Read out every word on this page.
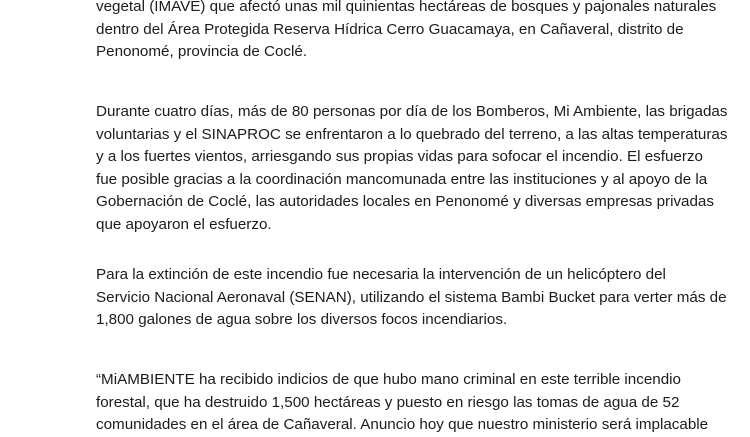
vegetal (IMAVE) que afectó unas mil quinientas hectáreas de bosques y pajonales naturales
dentro del Área Protegida Reserva Hídrica Cerro Guacamaya, en Cañaveral, distrito de
Penonomé, provincia de Coclé.
Durante cuatro días, más de 80 personas por día de los Bomberos, Mi Ambiente, las brigadas
voluntarias y el SINAPROC se enfrentaron a lo quebrado del terreno, a las altas temperaturas
y a los fuertes vientos, arriesgando sus propias vidas para sofocar el incendio. El esfuerzo
fue posible gracias a la coordinación mancomunada entre las instituciones y al apoyo de la
Gobernación de Coclé, las autoridades locales en Penonomé y diversas empresas privadas
que apoyaron el esfuerzo.
Para la extinción de este incendio fue necesaria la intervención de un helicóptero del
Servicio Nacional Aeronaval (SENAN), utilizando el sistema Bambi Bucket para verter más de
1,800 galones de agua sobre los diversos focos incendiarios.
“MiAMBIENTE ha recibido indicios de que hubo mano criminal en este terrible incendio
forestal, que ha destruido 1,500 hectáreas y puesto en riesgo las tomas de agua de 52
comunidades en el área de Cañaveral. Anuncio hoy que nuestro ministerio será implacable
